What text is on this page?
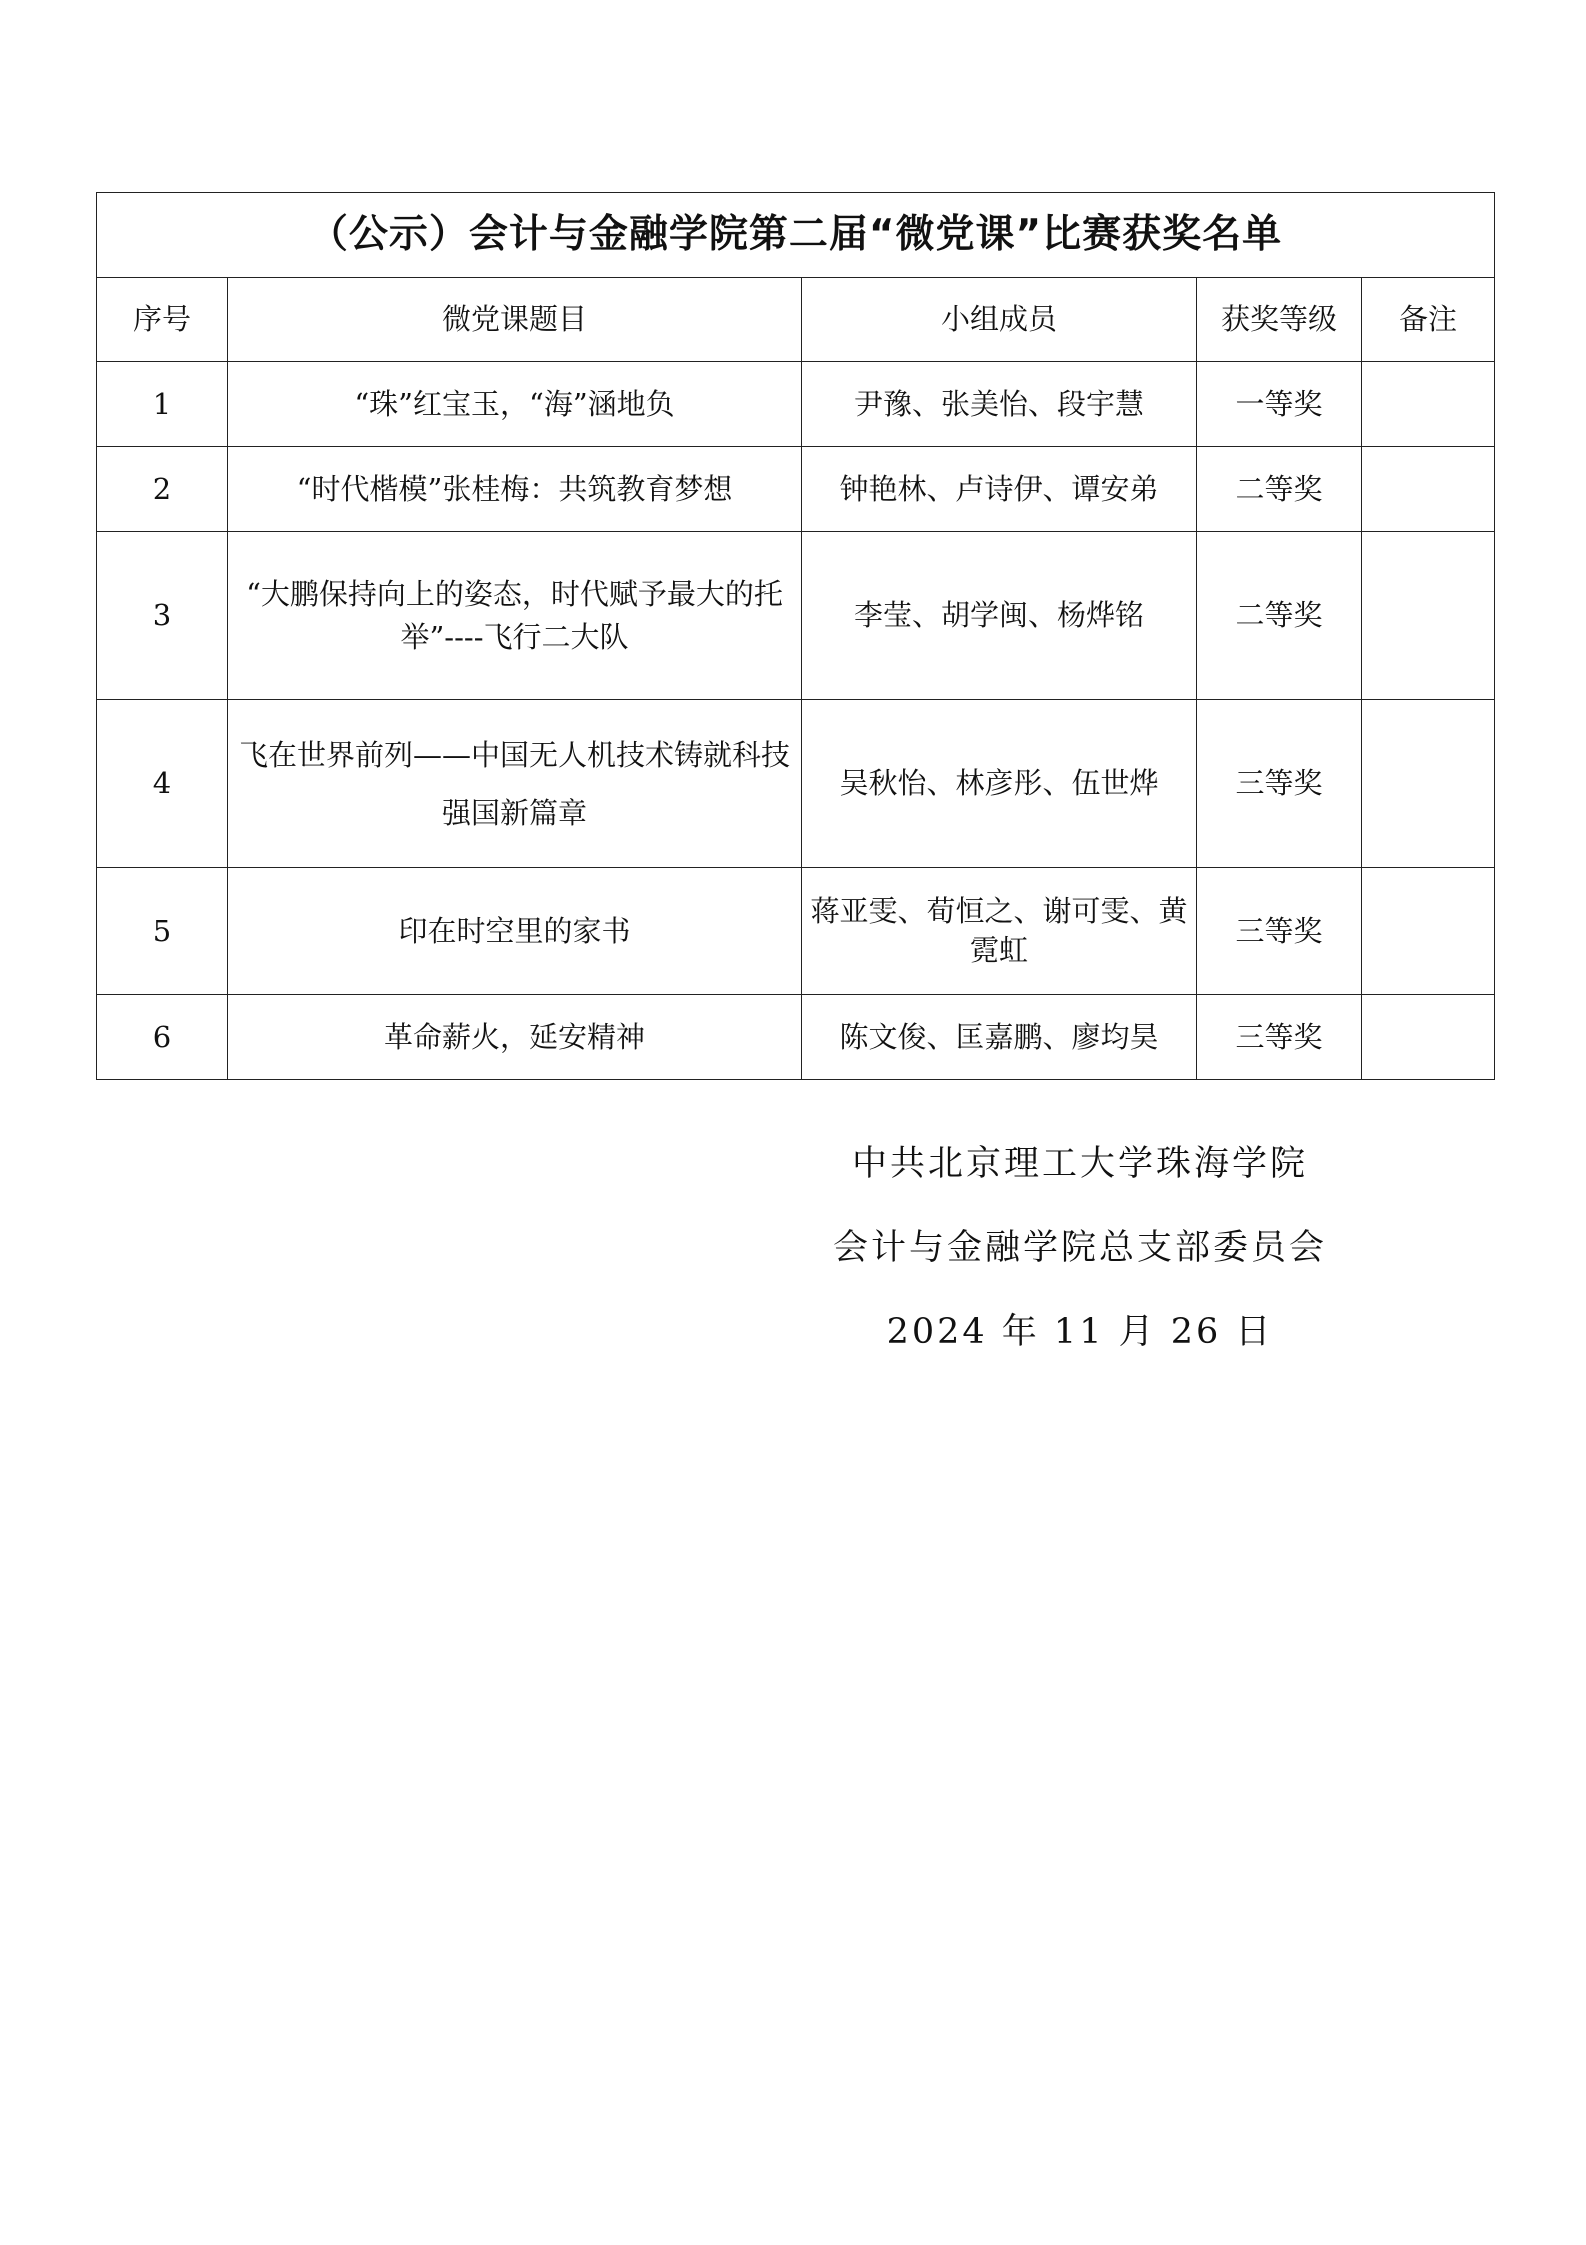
（公示）会计与金融学院第二届“微党课”比赛获奖名单				
序号	微党课题目	小组成员	获奖等级	备注
1	“珠”红宝玉，“海”涵地负	尹豫、张美怡、段宇慧	一等奖	
2	“时代楷模”张桂梅：共筑教育梦想	钟艳林、卢诗伊、谭安弟	二等奖	
3	“大鹏保持向上的姿态，时代赋予最大的托举”----飞行二大队	李莹、胡学闽、杨烨铭	二等奖	
4	飞在世界前列——中国无人机技术铸就科技强国新篇章	吴秋怡、林彦彤、伍世烨	三等奖	
5	印在时空里的家书	蒋亚雯、荀恒之、谢可雯、黄霓虹	三等奖	
6	革命薪火，延安精神	陈文俊、匡嘉鹏、廖均昊	三等奖	
中共北京理工大学珠海学院
会计与金融学院总支部委员会
2024 年 11 月 26 日
